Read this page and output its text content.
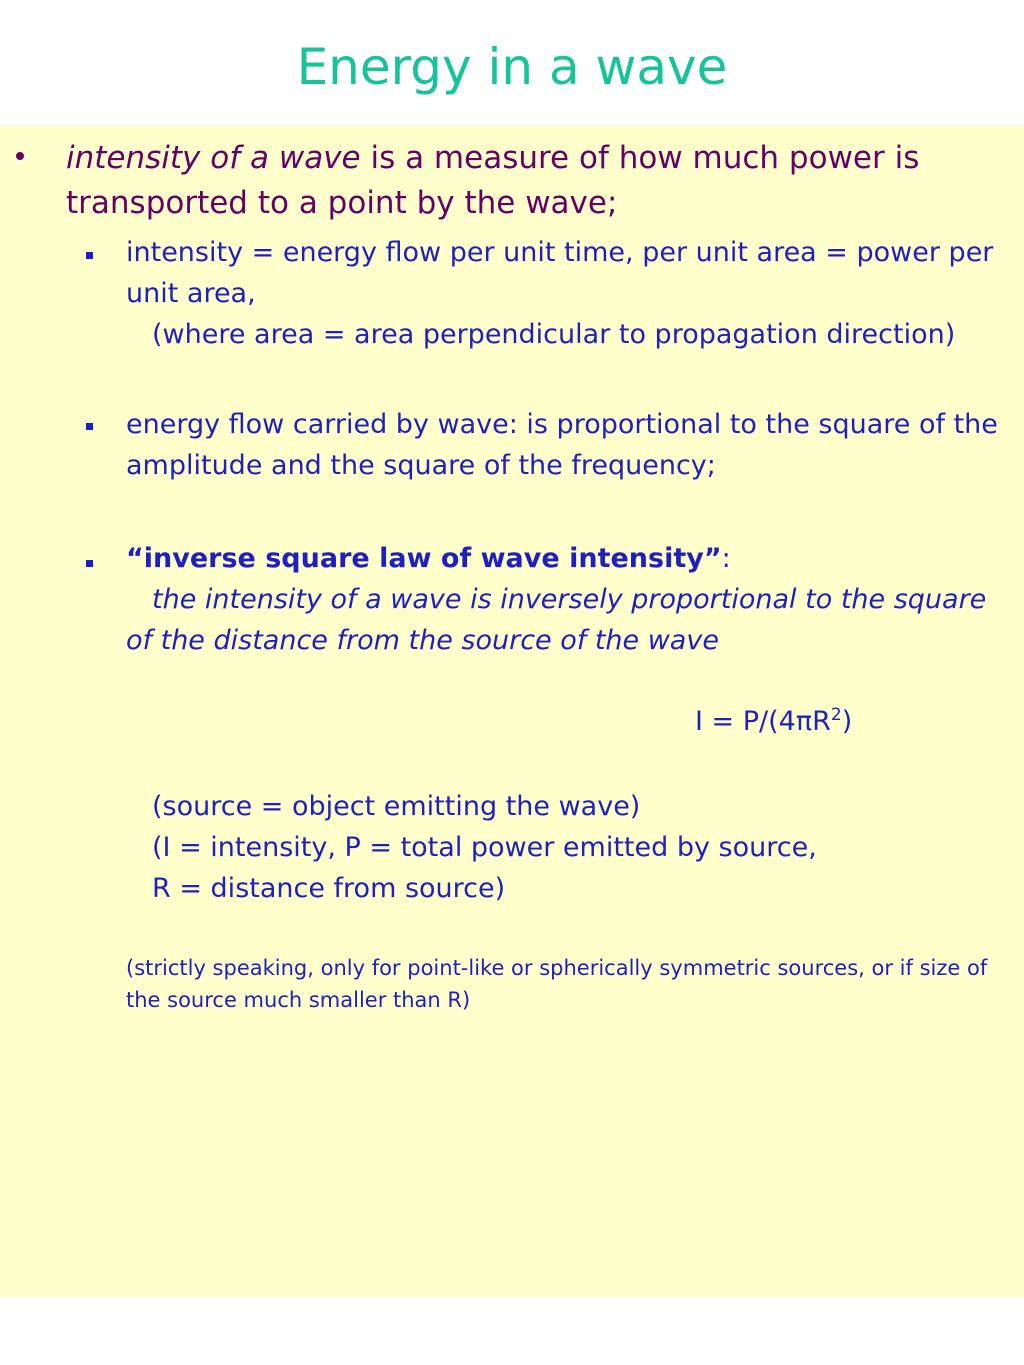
Energy in a wave
intensity of a wave is a measure of how much power is transported to a point by the wave;
intensity = energy flow per unit time, per unit area = power per unit area,
(where area = area perpendicular to propagation direction)
energy flow carried by wave: is proportional to the square of the amplitude and the square of the frequency;
“inverse square law of wave intensity”:
the intensity of a wave is inversely proportional to the square of the distance from the source of the wave
$I = P/(4\pi R^2)$
(source = object emitting the wave)
(I = intensity, P = total power emitted by source,
R = distance from source)
(strictly speaking, only for point-like or spherically symmetric sources, or if size of the source much smaller than R)
